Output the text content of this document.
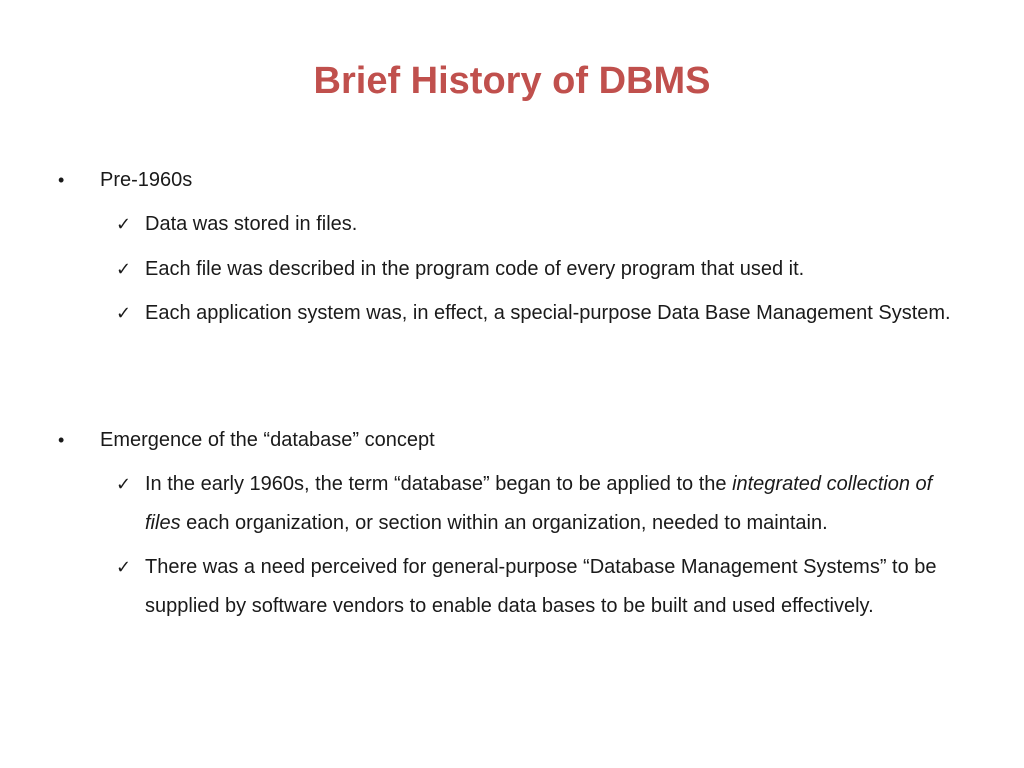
Brief History of DBMS
• Pre-1960s
✓ Data was stored in files.
✓ Each file was described in the program code of every program that used it.
✓ Each application system was, in effect, a special-purpose Data Base Management System.
• Emergence of the “database” concept
✓ In the early 1960s, the term “database” began to be applied to the integrated collection of files each organization, or section within an organization, needed to maintain.
✓ There was a need perceived for general-purpose “Database Management Systems” to be supplied by software vendors to enable data bases to be built and used effectively.
